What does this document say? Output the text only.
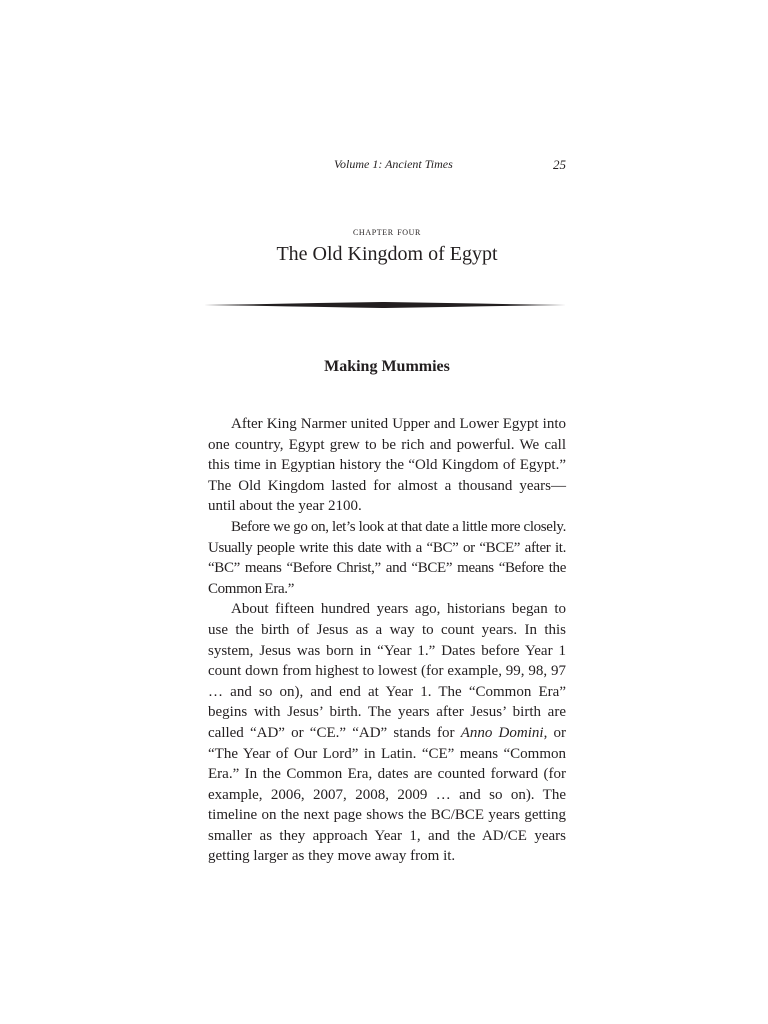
Volume 1: Ancient Times	25
chapter four
The Old Kingdom of Egypt
Making Mummies

After King Narmer united Upper and Lower Egypt into one country, Egypt grew to be rich and powerful. We call this time in Egyptian history the “Old Kingdom of Egypt.” The Old Kingdom lasted for almost a thousand years—until about the year 2100.

Before we go on, let’s look at that date a little more closely. Usually people write this date with a “BC” or “BCE” after it. “BC” means “Before Christ,” and “BCE” means “Before the Common Era.”

About fifteen hundred years ago, historians began to use the birth of Jesus as a way to count years. In this system, Jesus was born in “Year 1.” Dates before Year 1 count down from highest to lowest (for example, 99, 98, 97 … and so on), and end at Year 1. The “Common Era” begins with Jesus’ birth. The years after Jesus’ birth are called “AD” or “CE.” “AD” stands for Anno Domini, or “The Year of Our Lord” in Latin. “CE” means “Common Era.” In the Common Era, dates are counted forward (for example, 2006, 2007, 2008, 2009 … and so on). The timeline on the next page shows the BC/BCE years getting smaller as they approach Year 1, and the AD/CE years getting larger as they move away from it.
